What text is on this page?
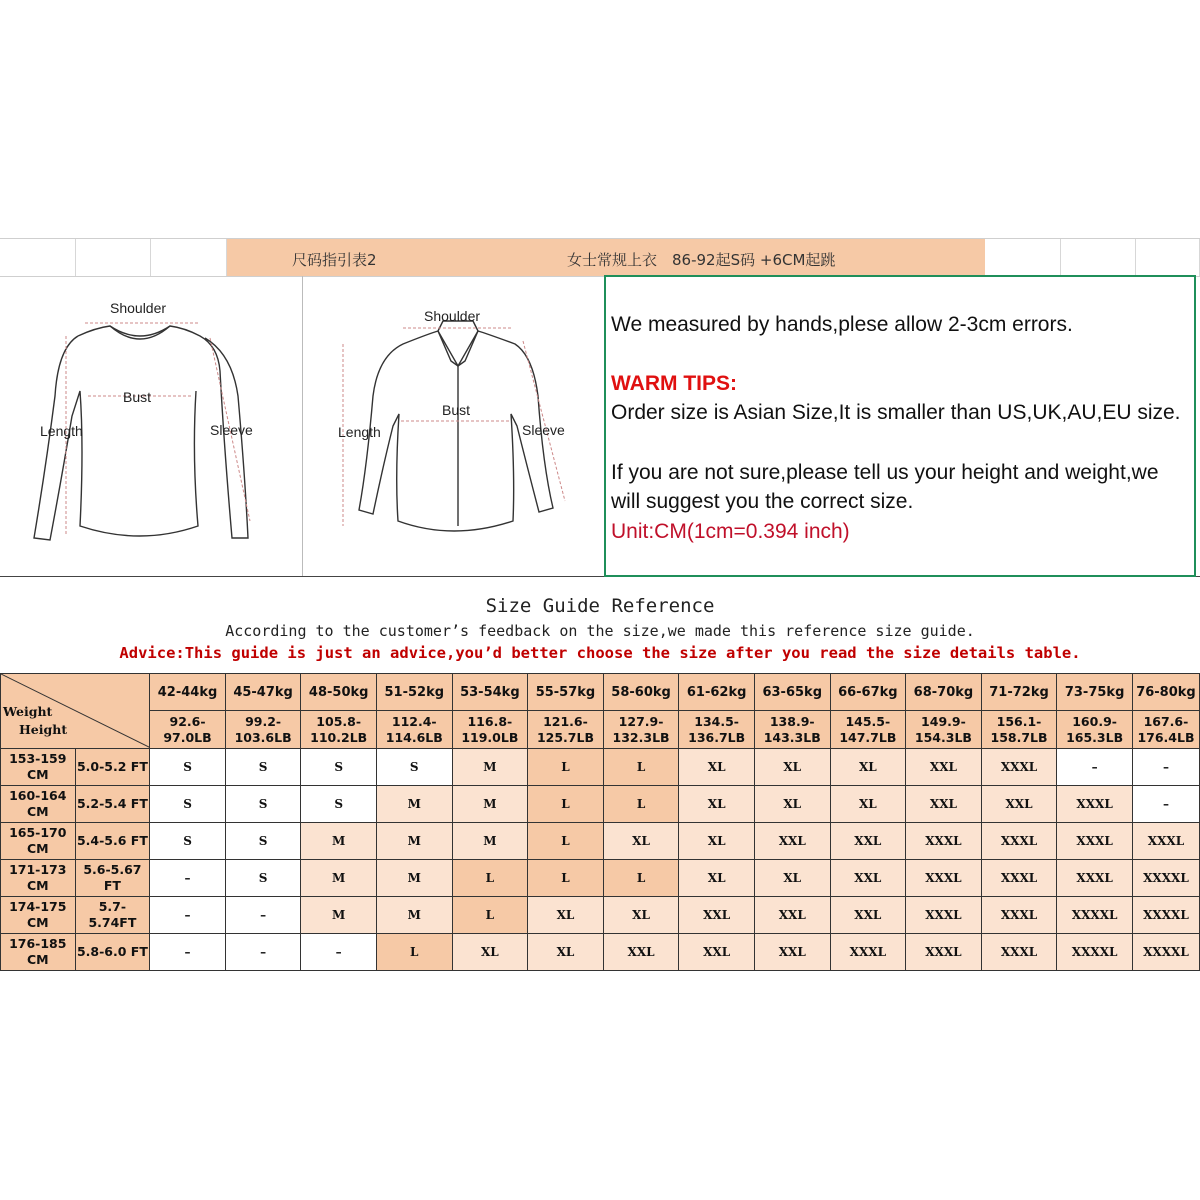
尺码指引表2	女士常规上衣　86-92起S码 +6CM起跳
Shoulder
Bust
Length	Sleeve
Shoulder
Bust
Length	Sleeve
We measured by hands,plese allow 2-3cm errors.
WARM TIPS:
Order size is Asian Size,It is smaller than US,UK,AU,EU size.
If you are not sure,please tell us your height and weight,we
will suggest you the correct size.
Unit:CM(1cm=0.394 inch)
Size Guide Reference
According to the customer’s feedback on the size,we made this reference size guide.
Advice:This guide is just an advice,you’d better choose the size after you read the size details table.
Weight
Height		42-44kg	45-47kg	48-50kg	51-52kg	53-54kg	55-57kg	58-60kg	61-62kg	63-65kg	66-67kg	68-70kg	71-72kg	73-75kg	76-80kg
		92.6-
97.0LB	99.2-
103.6LB	105.8-
110.2LB	112.4-
114.6LB	116.8-
119.0LB	121.6-
125.7LB	127.9-
132.3LB	134.5-
136.7LB	138.9-
143.3LB	145.5-
147.7LB	149.9-
154.3LB	156.1-
158.7LB	160.9-
165.3LB	167.6-
176.4LB
153-159
CM	5.0-5.2 FT	S	S	S	S	M	L	L	XL	XL	XL	XXL	XXXL	–	–
160-164
CM	5.2-5.4 FT	S	S	S	M	M	L	L	XL	XL	XL	XXL	XXL	XXXL	–
165-170
CM	5.4-5.6 FT	S	S	M	M	M	L	XL	XL	XXL	XXL	XXXL	XXXL	XXXL	XXXL
171-173
CM	5.6-5.67
FT	–	S	M	M	L	L	L	XL	XL	XXL	XXXL	XXXL	XXXL	XXXXL
174-175
CM	5.7-
5.74FT	–	–	M	M	L	XL	XL	XXL	XXL	XXL	XXXL	XXXL	XXXXL	XXXXL
176-185
CM	5.8-6.0 FT	–	–	–	L	XL	XL	XXL	XXL	XXL	XXXL	XXXL	XXXL	XXXXL	XXXXL
